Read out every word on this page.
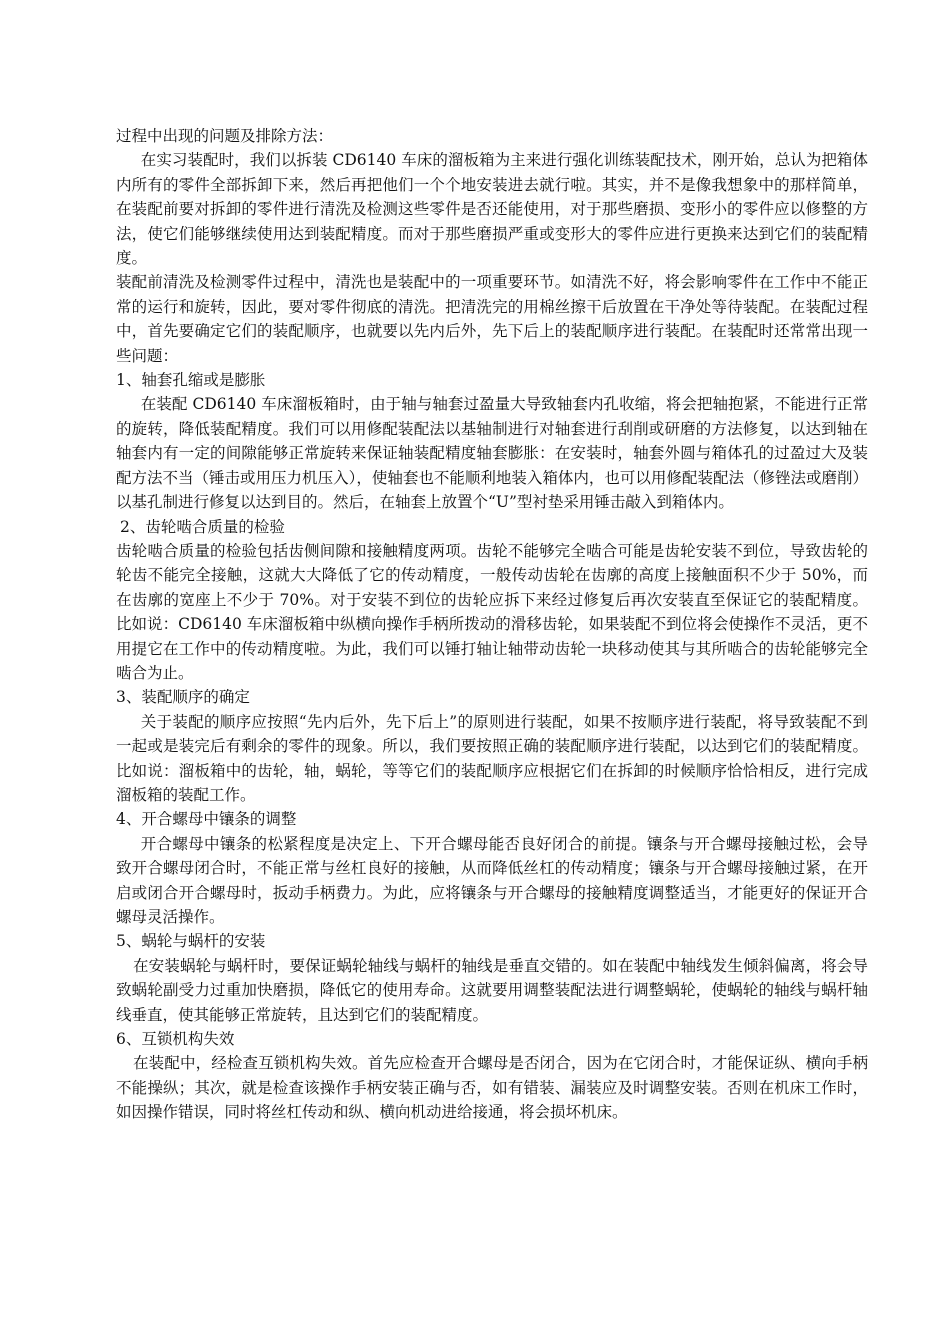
过程中出现的问题及排除方法：

在实习装配时，我们以拆装 CD6140 车床的溜板箱为主来进行强化训练装配技术，刚开始，总认为把箱体内所有的零件全部拆卸下来，然后再把他们一个个地安装进去就行啦。其实，并不是像我想象中的那样简单，在装配前要对拆卸的零件进行清洗及检测这些零件是否还能使用，对于那些磨损、变形小的零件应以修整的方法，使它们能够继续使用达到装配精度。而对于那些磨损严重或变形大的零件应进行更换来达到它们的装配精度。

装配前清洗及检测零件过程中，清洗也是装配中的一项重要环节。如清洗不好，将会影响零件在工作中不能正常的运行和旋转，因此，要对零件彻底的清洗。把清洗完的用棉丝擦干后放置在干净处等待装配。在装配过程中，首先要确定它们的装配顺序，也就要以先内后外，先下后上的装配顺序进行装配。在装配时还常常出现一些问题：

1、轴套孔缩或是膨胀

在装配 CD6140 车床溜板箱时，由于轴与轴套过盈量大导致轴套内孔收缩，将会把轴抱紧，不能进行正常的旋转，降低装配精度。我们可以用修配装配法以基轴制进行对轴套进行刮削或研磨的方法修复，以达到轴在轴套内有一定的间隙能够正常旋转来保证轴装配精度轴套膨胀：在安装时，轴套外圆与箱体孔的过盈过大及装配方法不当（锤击或用压力机压入），使轴套也不能顺利地装入箱体内，也可以用修配装配法（修锉法或磨削）以基孔制进行修复以达到目的。然后，在轴套上放置个“U”型衬垫采用锤击敲入到箱体内。

2、齿轮啮合质量的检验

齿轮啮合质量的检验包括齿侧间隙和接触精度两项。齿轮不能够完全啮合可能是齿轮安装不到位，导致齿轮的轮齿不能完全接触，这就大大降低了它的传动精度，一般传动齿轮在齿廓的高度上接触面积不少于 50%，而在齿廓的宽座上不少于 70%。对于安装不到位的齿轮应拆下来经过修复后再次安装直至保证它的装配精度。比如说：CD6140 车床溜板箱中纵横向操作手柄所拨动的滑移齿轮，如果装配不到位将会使操作不灵活，更不用提它在工作中的传动精度啦。为此，我们可以锤打轴让轴带动齿轮一块移动使其与其所啮合的齿轮能够完全啮合为止。

3、装配顺序的确定

关于装配的顺序应按照“先内后外，先下后上”的原则进行装配，如果不按顺序进行装配，将导致装配不到一起或是装完后有剩余的零件的现象。所以，我们要按照正确的装配顺序进行装配，以达到它们的装配精度。比如说：溜板箱中的齿轮，轴，蜗轮，等等它们的装配顺序应根据它们在拆卸的时候顺序恰恰相反，进行完成溜板箱的装配工作。

4、开合螺母中镶条的调整

开合螺母中镶条的松紧程度是决定上、下开合螺母能否良好闭合的前提。镶条与开合螺母接触过松，会导致开合螺母闭合时，不能正常与丝杠良好的接触，从而降低丝杠的传动精度；镶条与开合螺母接触过紧，在开启或闭合开合螺母时，扳动手柄费力。为此，应将镶条与开合螺母的接触精度调整适当，才能更好的保证开合螺母灵活操作。

5、蜗轮与蜗杆的安装

在安装蜗轮与蜗杆时，要保证蜗轮轴线与蜗杆的轴线是垂直交错的。如在装配中轴线发生倾斜偏离，将会导致蜗轮副受力过重加快磨损，降低它的使用寿命。这就要用调整装配法进行调整蜗轮，使蜗轮的轴线与蜗杆轴线垂直，使其能够正常旋转，且达到它们的装配精度。

6、互锁机构失效

在装配中，经检查互锁机构失效。首先应检查开合螺母是否闭合，因为在它闭合时，才能保证纵、横向手柄不能操纵；其次，就是检查该操作手柄安装正确与否，如有错装、漏装应及时调整安装。否则在机床工作时，如因操作错误，同时将丝杠传动和纵、横向机动进给接通，将会损坏机床。
